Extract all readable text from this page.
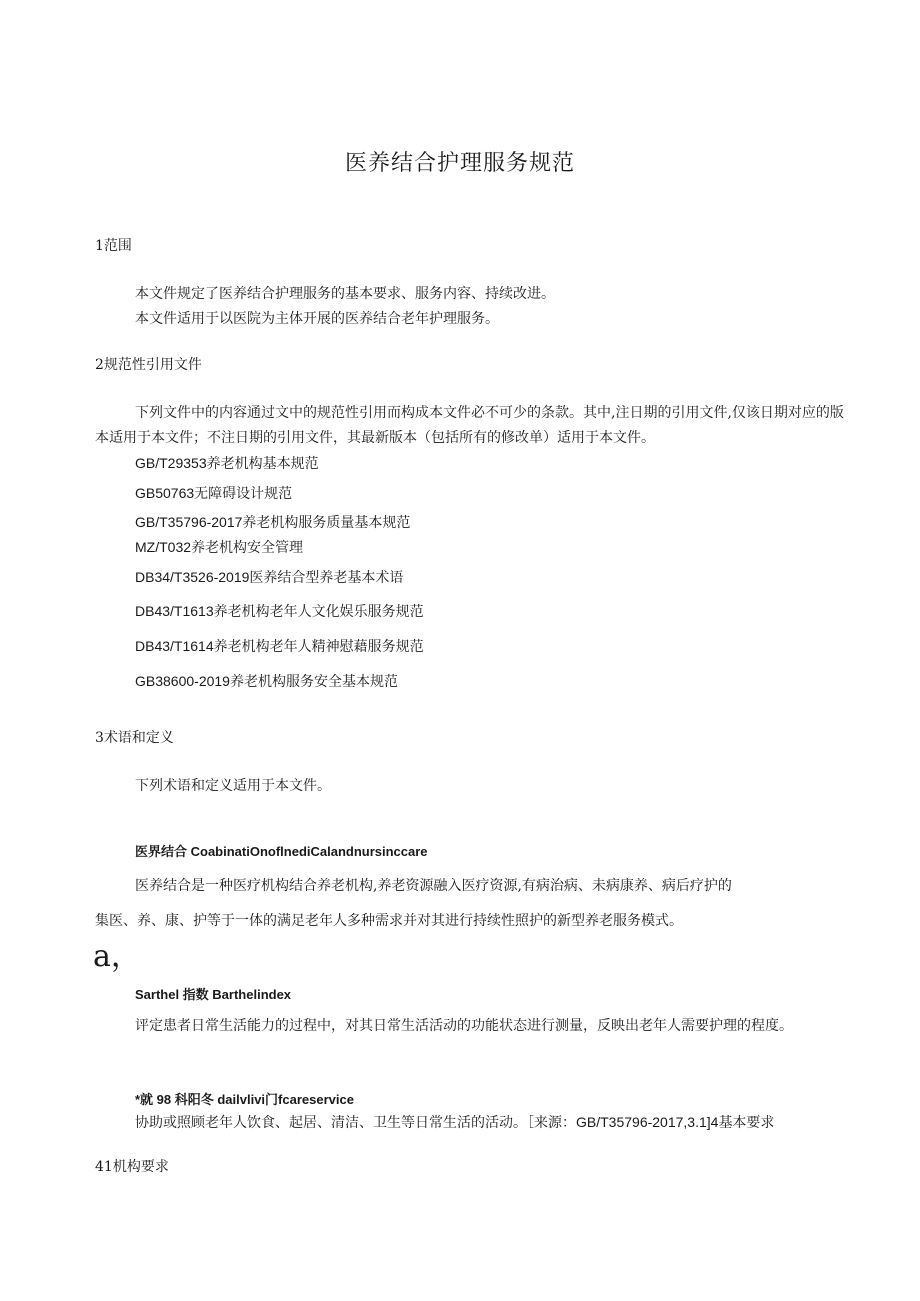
医养结合护理服务规范
1范围
本文件规定了医养结合护理服务的基本要求、服务内容、持续改进。
本文件适用于以医院为主体开展的医养结合老年护理服务。
2规范性引用文件
下列文件中的内容通过文中的规范性引用而构成本文件必不可少的条款。其中,注日期的引用文件,仅该日期对应的版本适用于本文件；不注日期的引用文件，其最新版本（包括所有的修改单）适用于本文件。
GB/T29353养老机构基本规范
GB50763无障碍设计规范
GB/T35796-2017养老机构服务质量基本规范
MZ/T032养老机构安全管理
DB34/T3526-2019医养结合型养老基本术语
DB43/T1613养老机构老年人文化娱乐服务规范
DB43/T1614养老机构老年人精神慰藉服务规范
GB38600-2019养老机构服务安全基本规范
3术语和定义
下列术语和定义适用于本文件。
医界结合 CoabinatiOnoflnediCalandnursinccare
医养结合是一种医疗机构结合养老机构,养老资源融入医疗资源,有病治病、未病康养、病后疗护的
集医、养、康、护等于一体的满足老年人多种需求并对其进行持续性照护的新型养老服务模式。
a，
Sarthel 指数 Barthelindex
评定患者日常生活能力的过程中，对其日常生活活动的功能状态进行测量，反映出老年人需要护理的程度。
*就 98 科阳冬 dailvlivi门fcareservice
协助或照顾老年人饮食、起居、清洁、卫生等日常生活的活动。［来源：GB/T35796-2017,3.1]4基本要求
41机构要求
